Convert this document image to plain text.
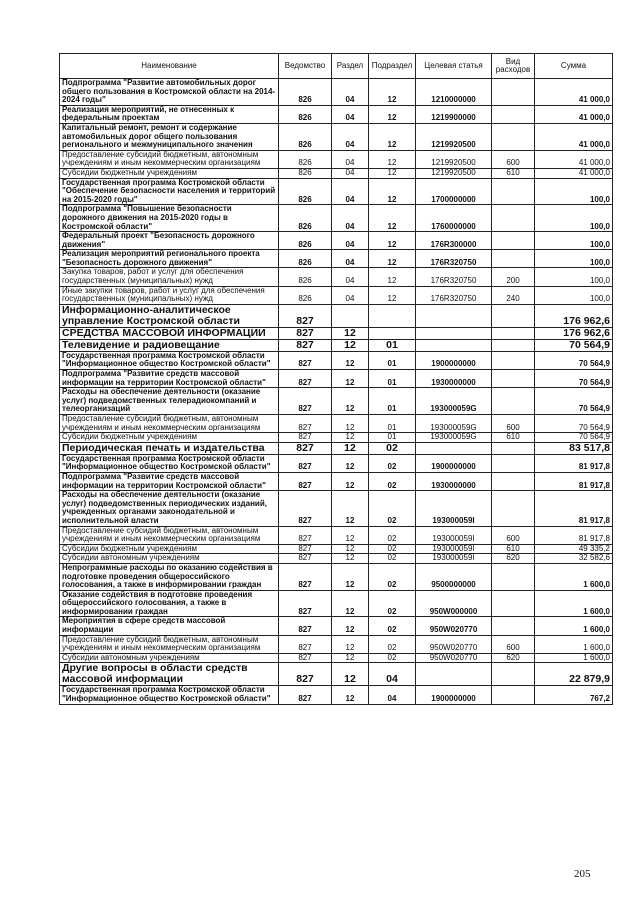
Наименование	Ведомство	Раздел	Подраздел	Целевая статья	Вид расходов	Сумма
Подпрограмма "Развитие автомобильных дорог общего пользования в Костромской области на 2014-2024 годы"	826	04	12	1210000000		41 000,0
Реализация мероприятий, не отнесенных к федеральным проектам	826	04	12	1219900000		41 000,0
Капитальный ремонт, ремонт и содержание автомобильных дорог общего пользования регионального и межмуниципального значения	826	04	12	1219920500		41 000,0
Предоставление субсидий бюджетным, автономным учреждениям и иным некоммерческим организациям	826	04	12	1219920500	600	41 000,0
Субсидии бюджетным учреждениям	826	04	12	1219920500	610	41 000,0
Государственная программа Костромской области "Обеспечение безопасности населения и территорий на 2015-2020 годы"	826	04	12	1700000000		100,0
Подпрограмма "Повышение безопасности дорожного движения на 2015-2020 годы в Костромской области"	826	04	12	1760000000		100,0
Федеральный проект "Безопасность дорожного движения"	826	04	12	176R300000		100,0
Реализация мероприятий регионального проекта "Безопасность дорожного движения"	826	04	12	176R320750		100,0
Закупка товаров, работ и услуг для обеспечения государственных (муниципальных) нужд	826	04	12	176R320750	200	100,0
Иные закупки товаров, работ и услуг для обеспечения государственных (муниципальных) нужд	826	04	12	176R320750	240	100,0
Информационно-аналитическое управление Костромской области	827					176 962,6
СРЕДСТВА МАССОВОЙ ИНФОРМАЦИИ	827	12				176 962,6
Телевидение и радиовещание	827	12	01			70 564,9
Государственная программа Костромской области "Информационное общество Костромской области"	827	12	01	1900000000		70 564,9
Подпрограмма "Развитие средств массовой информации на территории Костромской области"	827	12	01	1930000000		70 564,9
Расходы на обеспечение деятельности (оказание услуг) подведомственных телерадиокомпаний и телеорганизаций	827	12	01	193000059G		70 564,9
Предоставление субсидий бюджетным, автономным учреждениям и иным некоммерческим организациям	827	12	01	193000059G	600	70 564,9
Субсидии бюджетным учреждениям	827	12	01	193000059G	610	70 564,9
Периодическая печать и издательства	827	12	02			83 517,8
Государственная программа Костромской области "Информационное общество Костромской области"	827	12	02	1900000000		81 917,8
Подпрограмма "Развитие средств массовой информации на территории Костромской области"	827	12	02	1930000000		81 917,8
Расходы на обеспечение деятельности (оказание услуг) подведомственных периодических изданий, учрежденных органами законодательной и исполнительной власти	827	12	02	193000059I		81 917,8
Предоставление субсидий бюджетным, автономным учреждениям и иным некоммерческим организациям	827	12	02	193000059I	600	81 917,8
Субсидии бюджетным учреждениям	827	12	02	193000059I	610	49 335,2
Субсидии автономным учреждениям	827	12	02	193000059I	620	32 582,6
Непрограммные расходы по оказанию содействия в подготовке проведения общероссийского голосования, а также в информировании граждан	827	12	02	9500000000		1 600,0
Оказание содействия в подготовке проведения общероссийского голосования, а также в информировании граждан	827	12	02	950W000000		1 600,0
Мероприятия в сфере средств массовой информации	827	12	02	950W020770		1 600,0
Предоставление субсидий бюджетным, автономным учреждениям и иным некоммерческим организациям	827	12	02	950W020770	600	1 600,0
Субсидии автономным учреждениям	827	12	02	950W020770	620	1 600,0
Другие вопросы в области средств массовой информации	827	12	04			22 879,9
Государственная программа Костромской области "Информационное общество Костромской области"	827	12	04	1900000000		767,2
205
